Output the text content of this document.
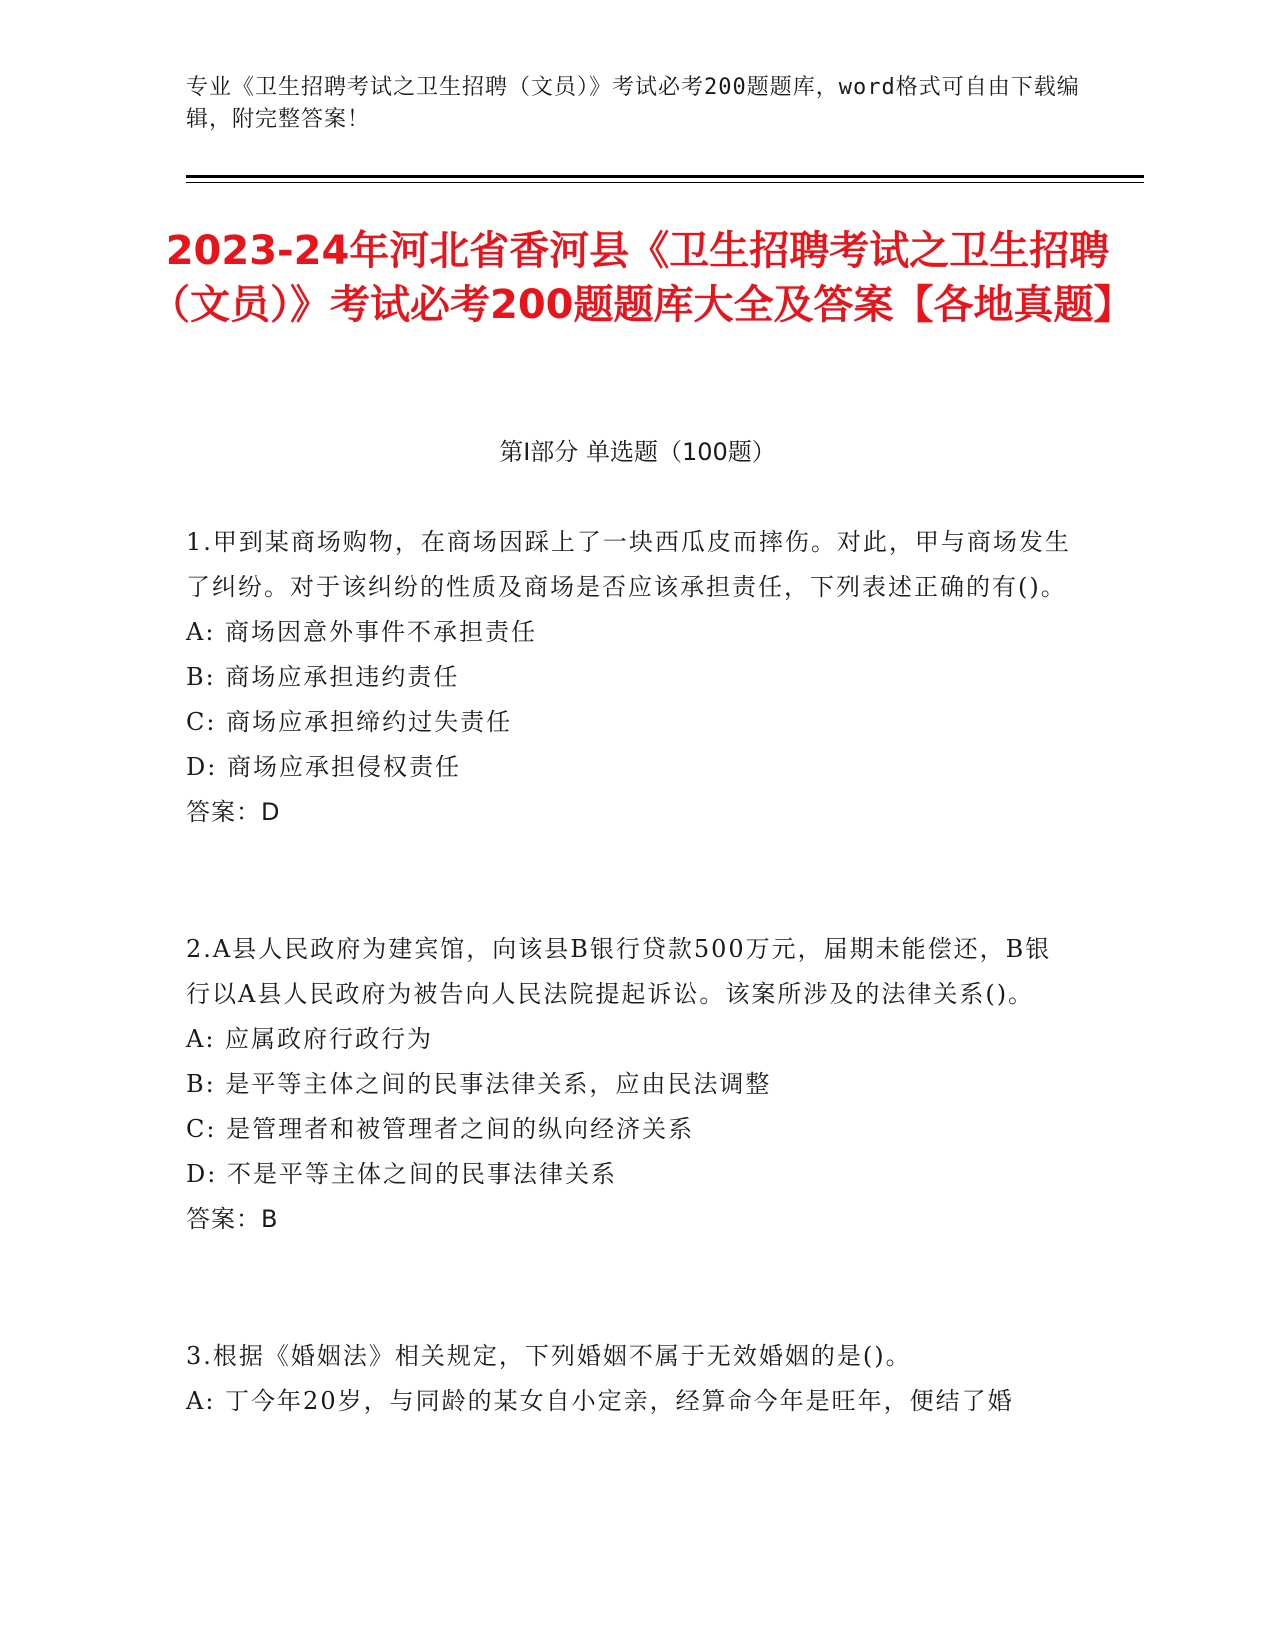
专业《卫生招聘考试之卫生招聘（文员）》考试必考200题题库，word格式可自由下载编辑，附完整答案！
2023-24年河北省香河县《卫生招聘考试之卫生招聘（文员）》考试必考200题题库大全及答案【各地真题】
第I部分 单选题（100题）
1.甲到某商场购物，在商场因踩上了一块西瓜皮而摔伤。对此，甲与商场发生了纠纷。对于该纠纷的性质及商场是否应该承担责任，下列表述正确的有()。
A: 商场因意外事件不承担责任
B: 商场应承担违约责任
C: 商场应承担缔约过失责任
D: 商场应承担侵权责任
答案：D
2.A县人民政府为建宾馆，向该县B银行贷款500万元，届期未能偿还，B银行以A县人民政府为被告向人民法院提起诉讼。该案所涉及的法律关系()。
A: 应属政府行政行为
B: 是平等主体之间的民事法律关系，应由民法调整
C: 是管理者和被管理者之间的纵向经济关系
D: 不是平等主体之间的民事法律关系
答案：B
3.根据《婚姻法》相关规定，下列婚姻不属于无效婚姻的是()。
A: 丁今年20岁，与同龄的某女自小定亲，经算命今年是旺年，便结了婚
